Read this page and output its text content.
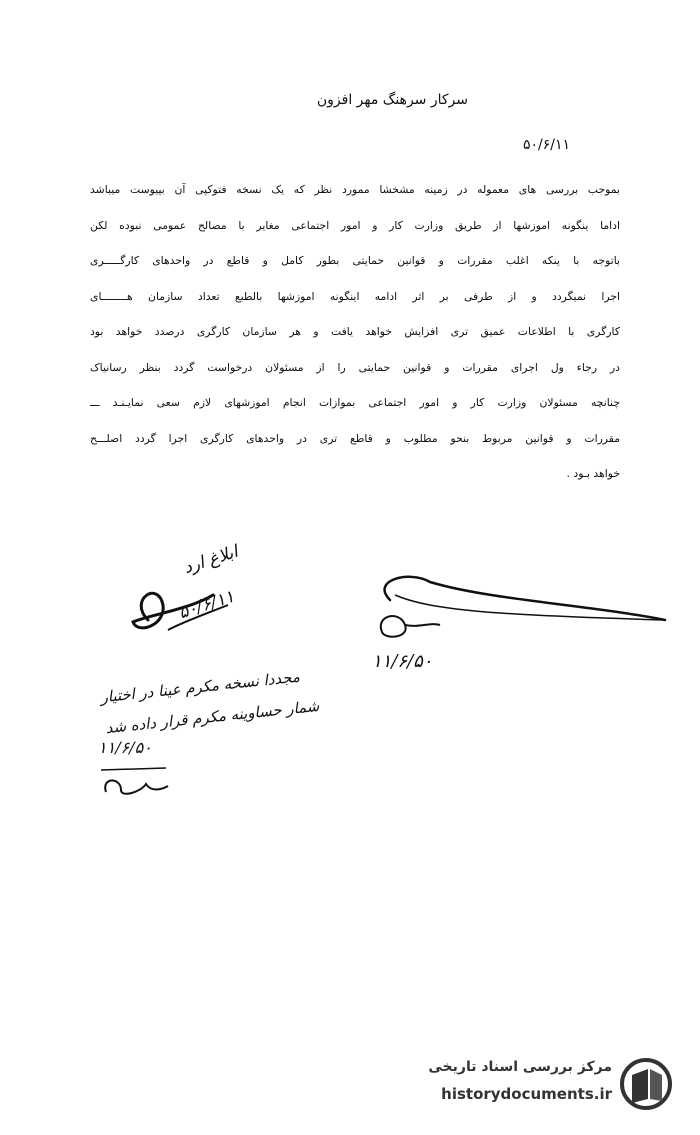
سرکار سرهنگ مهر افزون
۵۰/۶/۱۱
بموجب بررسی های معموله در زمینه مشخشا ممورد نظر که یک نسخه فتوکپی آن بپیوست میباشد
اداما ینگونه اموزشها از طریق وزارت کار و امور اجتماعی مغایر با مصالح عمومی نبوده لکن
باتوجه با ینکه اغلب مقررات و قوانین حمایتی بطور کامل و قاطع در واحدهای کارگـــــری
اجرا نمیگردد و از طرفی بر اثر ادامه اینگونه اموزشها بالطبع تعداد سازمان هــــــــای
کارگری با اطلاعات عمیق تری افزایش خواهد یافت و هر سازمان کارگری درصدد خواهد بود
در رجاء ول اجرای مقررات و قوانین حمایتی را از مسئولان درخواست گردد بنظر رسانیاک
چنانچه مسئولان وزارت کار و امور اجتماعی بموازات انجام اموزشهای لازم سعی نمایـنـد ـــ
مقررات و قوانین مربوط بنحو مطلوب و قاطع تری در واحدهای کارگری اجرا گردد اصلـــح
خواهد بـود .
ابلاغ ارد
۵۰/۶/۱۱
۱۱/۶/۵۰
مجددا نسخه مکرم عینا در اختیار
شمار حساوینه مکرم قرار داده شد
۱۱/۶/۵۰
مرکز بررسی اسناد تاریخی
historydocuments.ir
